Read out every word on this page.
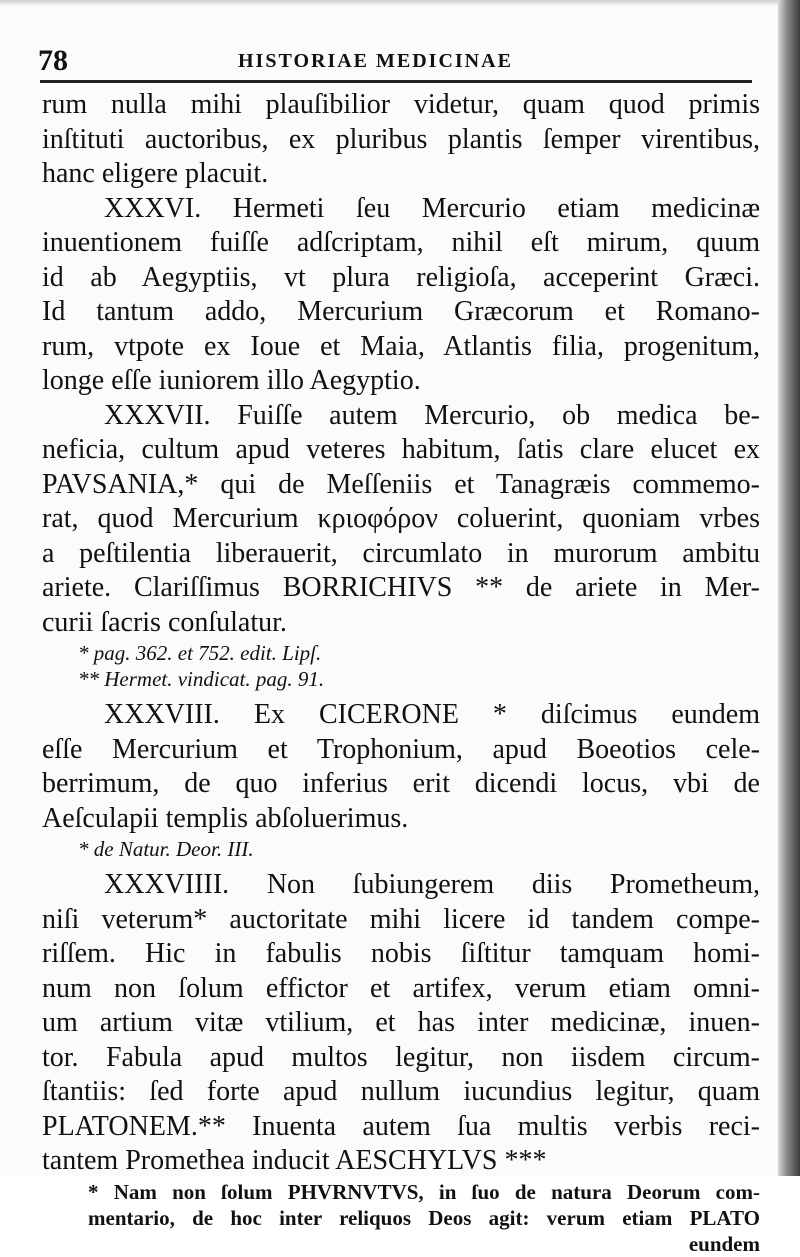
78	HISTORIAE MEDICINAE
rum nulla mihi plauſibilior videtur, quam quod primis
inſtituti auctoribus, ex pluribus plantis ſemper virentibus,
hanc eligere placuit.
XXXVI. Hermeti ſeu Mercurio etiam medicinæ
inuentionem fuiſſe adſcriptam, nihil eſt mirum, quum
id ab Aegyptiis, vt plura religioſa, acceperint Græci.
Id tantum addo, Mercurium Græcorum et Romano-
rum, vtpote ex Ioue et Maia, Atlantis filia, progenitum,
longe eſſe iuniorem illo Aegyptio.
XXXVII. Fuiſſe autem Mercurio, ob medica be-
neficia, cultum apud veteres habitum, ſatis clare elucet ex
PAVSANIA,* qui de Meſſeniis et Tanagræis commemo-
rat, quod Mercurium κριοφόρον coluerint, quoniam vrbes
a peſtilentia liberauerit, circumlato in murorum ambitu
ariete. Clariſſimus BORRICHIVS ** de ariete in Mer-
curii ſacris conſulatur.
* pag. 362. et 752. edit. Lipſ.
** Hermet. vindicat. pag. 91.
XXXVIII. Ex CICERONE * diſcimus eundem
eſſe Mercurium et Trophonium, apud Boeotios cele-
berrimum, de quo inferius erit dicendi locus, vbi de
Aeſculapii templis abſoluerimus.
* de Natur. Deor. III.
XXXVIIII. Non ſubiungerem diis Prometheum,
niſi veterum* auctoritate mihi licere id tandem compe-
riſſem. Hic in fabulis nobis ſiſtitur tamquam homi-
num non ſolum effictor et artifex, verum etiam omni-
um artium vitæ vtilium, et has inter medicinæ, inuen-
tor. Fabula apud multos legitur, non iisdem circum-
ſtantiis: ſed forte apud nullum iucundius legitur, quam
PLATONEM.** Inuenta autem ſua multis verbis reci-
tantem Promethea inducit AESCHYLVS ***
* Nam non ſolum PHVRNVTVS, in ſuo de natura Deorum com-
mentario, de hoc inter reliquos Deos agit: verum etiam PLATO
eundem
